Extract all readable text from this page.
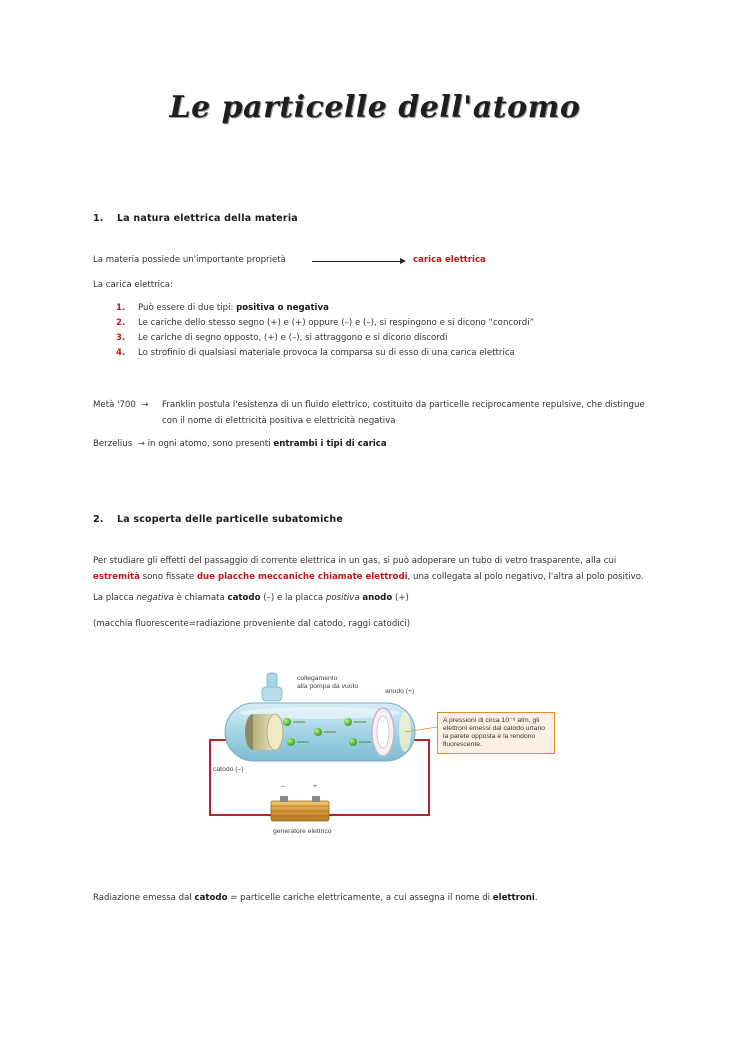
Le particelle dell'atomo
1. La natura elettrica della materia
La materia possiede un'importante proprietà	carica elettrica
La carica elettrica:
1. Può essere di due tipi: positiva o negativa
2. Le cariche dello stesso segno (+) e (+) oppure (–) e (–), si respingono e si dicono “concordi”
3. Le cariche di segno opposto, (+) e (–), si attraggono e si dicono discordi
4. Lo strofinio di qualsiasi materiale provoca la comparsa su di esso di una carica elettrica
Metà '700  → Franklin postula l'esistenza di un fluido elettrico, costituito da particelle reciprocamente repulsive, che distingue
con il nome di elettricità positiva e elettricità negativa
Berzelius  → in ogni atomo, sono presenti entrambi i tipi di carica
2. La scoperta delle particelle subatomiche
Per studiare gli effetti del passaggio di corrente elettrica in un gas, si può adoperare un tubo di vetro trasparente, alla cui
estremità sono fissate due placche meccaniche chiamate elettrodi, una collegata al polo negativo, l'altra al polo positivo.
La placca negativa è chiamata catodo (–) e la placca positiva anodo (+)
(macchia fluorescente=radiazione proveniente dal catodo, raggi catodici)
collegamento
alla pompa da vuoto
anodo (+)
catodo (–)
–	+
generatore elettrico
A pressioni di circa 10⁻⁶ atm, gli elettroni emessi dal catodo urtano la parete opposta e la rendono fluorescente.
Radiazione emessa dal catodo = particelle cariche elettricamente, a cui assegna il nome di elettroni.
